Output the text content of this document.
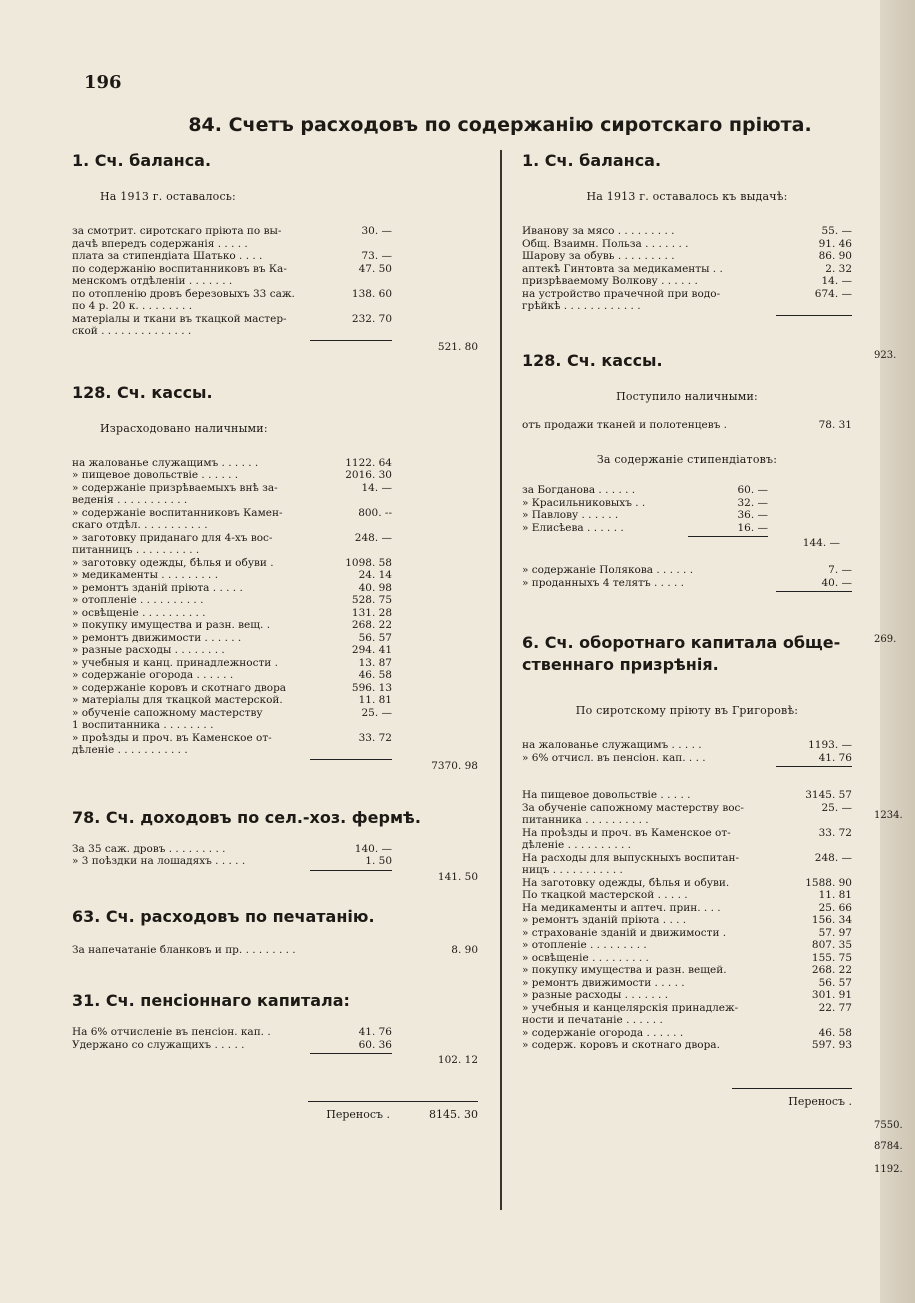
923.
269.
1234.
7550.
8784.
1192.
196
84. Счетъ расходовъ по содержанію сиротскаго пріюта.
1. Сч. баланса.
На 1913 г. оставалось:
за смотрит. сиротскаго пріюта по вы-
дачѣ впередъ содержанія . . . . .
30. —
плата за стипендіата Шатько . . . .	73. —
по содержанію воспитанниковъ въ Ка-
менскомъ отдѣленіи . . . . . . .
47. 50
по отопленію дровъ березовыхъ 33 саж.
по 4 р. 20 к. . . . . . . . .
138. 60
матеріалы и ткани въ ткацкой мастер-
ской . . . . . . . . . . . . . .
232. 70
521. 80
128. Сч. кассы.
Израсходовано наличными:
на жалованье служащимъ . . . . . .	1122. 64
» пищевое довольствіе . . . . . .	2016. 30
» содержаніе призрѣваемыхъ внѣ за-
веденія . . . . . . . . . . .
14. —
» содержаніе воспитанниковъ Камен-
скаго отдѣл. . . . . . . . . . .
800. --
» заготовку приданаго для 4-хъ вос-
питанницъ . . . . . . . . . .
248. —
» заготовку одежды, бѣлья и обуви .	1098. 58
» медикаменты . . . . . . . . .	24. 14
» ремонтъ зданій пріюта . . . . .	40. 98
» отопленіе . . . . . . . . . .	528. 75
» освѣщеніе . . . . . . . . . .	131. 28
» покупку имущества и разн. вещ. .	268. 22
» ремонтъ движимости . . . . . .	56. 57
» разные расходы . . . . . . . .	294. 41
» учебныя и канц. принадлежности .	13. 87
» содержаніе огорода . . . . . .	46. 58
» содержаніе коровъ и скотнаго двора	596. 13
» матеріалы для ткацкой мастерской.	11. 81
» обученіе сапожному мастерству
1 воспитанника . . . . . . . .
25. —
» проѣзды и проч. въ Каменское от-
дѣленіе . . . . . . . . . . .
33. 72
7370. 98
78. Сч. доходовъ по сел.-хоз. фермѣ.
За 35 саж. дровъ . . . . . . . . .	140. —
» 3 поѣздки на лошадяхъ . . . . .	1. 50
141. 50
63. Сч. расходовъ по печатанію.
За напечатаніе бланковъ и пр. . . . . . . . .	8. 90
31. Сч. пенсіоннаго капитала:
На 6% отчисленіе въ пенсіон. кап. .	41. 76
Удержано со служащихъ . . . . .	60. 36
102. 12
Переносъ .	8145. 30
1. Сч. баланса.
На 1913 г. оставалось къ выдачѣ:
Иванову за мясо . . . . . . . . .	55. —
Общ. Взаимн. Польза . . . . . . .	91. 46
Шарову за обувь . . . . . . . . .	86. 90
аптекѣ Гинтовта за медикаменты . .	2. 32
призрѣваемому Волкову . . . . . .	14. —
на устройство прачечной при водо-
грѣйкѣ . . . . . . . . . . . .
674. —
128. Сч. кассы.
Поступило наличными:
отъ продажи тканей и полотенцевъ .	78. 31
За содержаніе стипендіатовъ:
за Богданова . . . . . .	60. —
» Красильниковыхъ . .	32. —
» Павлову . . . . . .	36. —
» Елисѣева . . . . . .	16. —
144. —
» содержаніе Полякова . . . . . .	7. —
» проданныхъ 4 телятъ . . . . .	40. —
6. Сч. оборотнаго капитала обще-
ственнаго призрѣнія.
По сиротскому пріюту въ Григоровѣ:
на жалованье служащимъ . . . . .	1193. —
» 6% отчисл. въ пенсіон. кап. . . .	41. 76
На пищевое довольствіе . . . . .	3145. 57
За обученіе сапожному мастерству вос-
питанника . . . . . . . . . .
25. —
На проѣзды и проч. въ Каменское от-
дѣленіе . . . . . . . . . .
33. 72
На расходы для выпускныхъ воспитан-
ницъ . . . . . . . . . . .
248. —
На заготовку одежды, бѣлья и обуви.	1588. 90
По ткацкой мастерской . . . . .	11. 81
На медикаменты и аптеч. прин. . . .	25. 66
» ремонтъ зданій пріюта . . . .	156. 34
» страхованіе зданій и движимости .	57. 97
» отопленіе . . . . . . . . .	807. 35
» освѣщеніе . . . . . . . . .	155. 75
» покупку имущества и разн. вещей.	268. 22
» ремонтъ движимости . . . . .	56. 57
» разные расходы . . . . . . .	301. 91
» учебныя и канцелярскія принадлеж-
ности и печатаніе . . . . . .
22. 77
» содержаніе огорода . . . . . .	46. 58
» содерж. коровъ и скотнаго двора.	597. 93
Переносъ .
